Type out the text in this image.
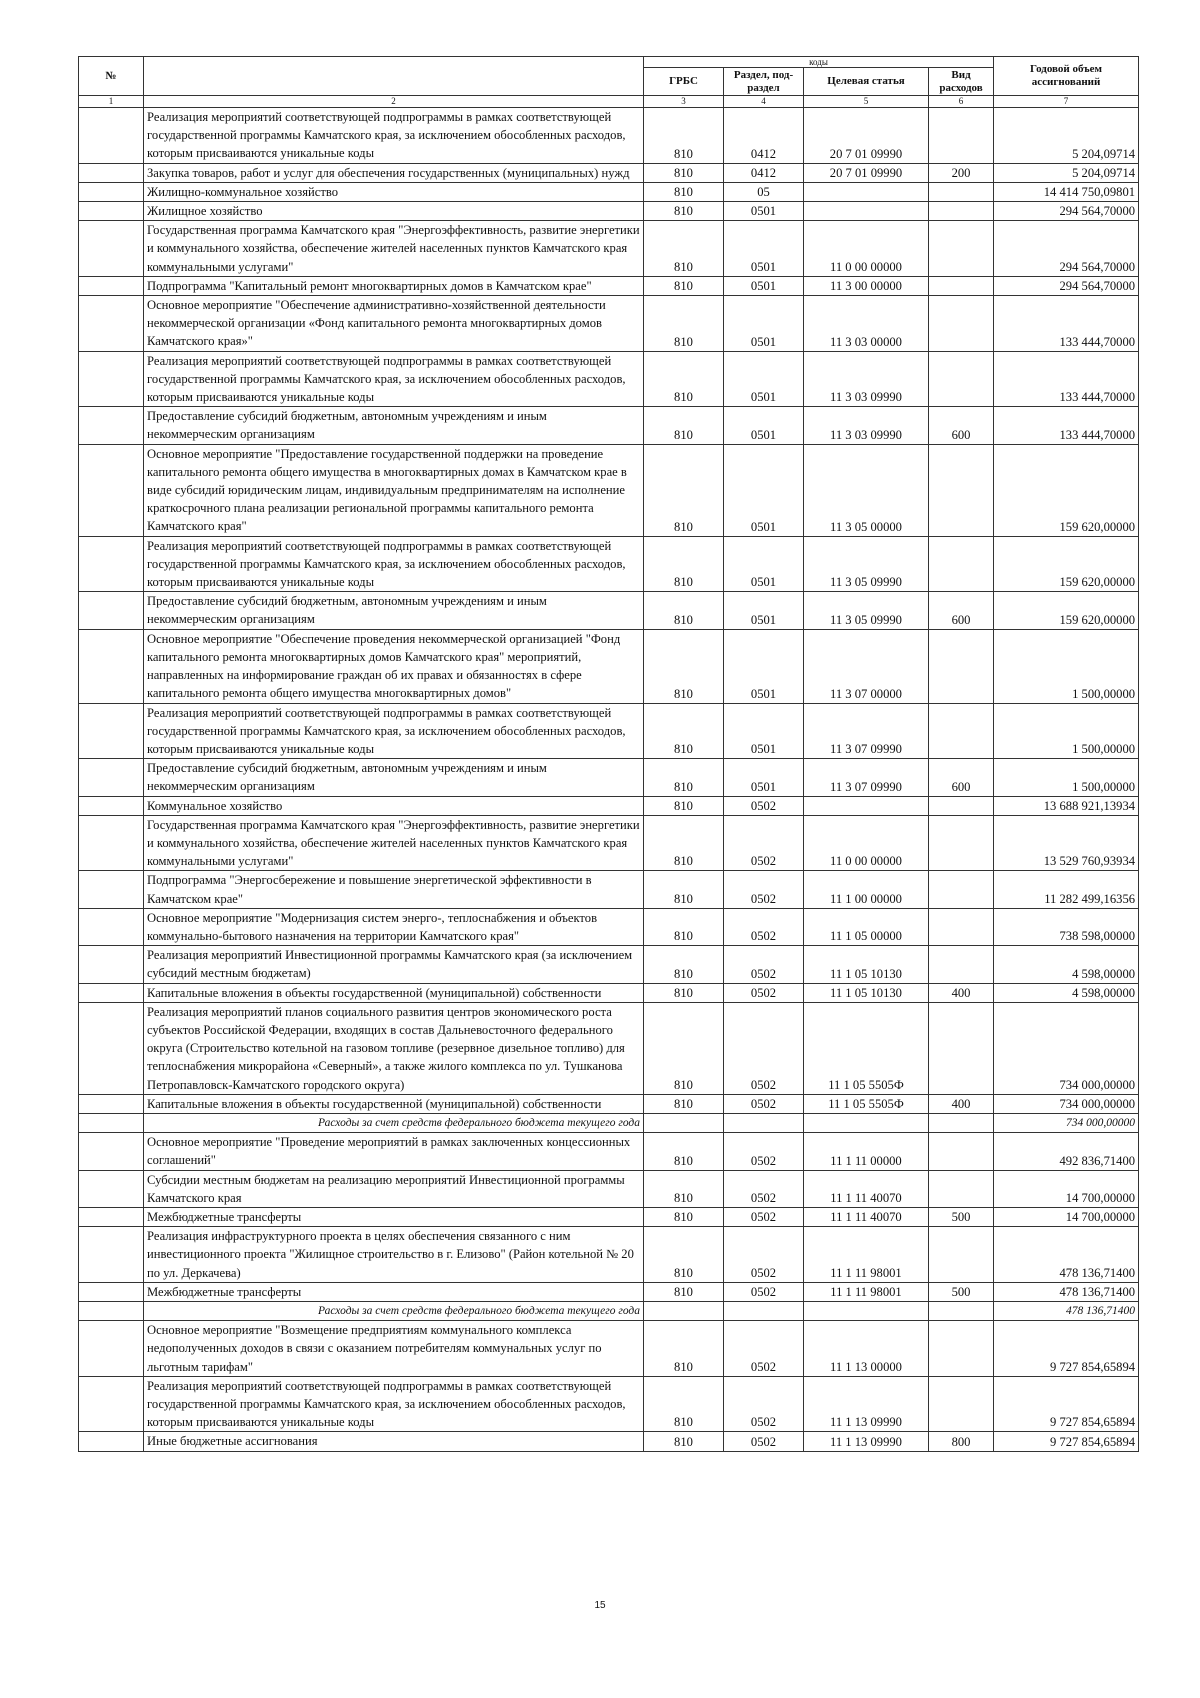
№		коды				Годовой объем ассигнований
		ГРБС	Раздел, под-раздел	Целевая статья	Вид расходов	
1	2	3	4	5	6	7
	Реализация мероприятий соответствующей подпрограммы в рамках соответствующей государственной программы Камчатского края, за исключением обособленных расходов, которым присваиваются уникальные коды	810	0412	20 7 01 09990		5 204,09714
	Закупка товаров, работ и услуг для обеспечения государственных (муниципальных) нужд	810	0412	20 7 01 09990	200	5 204,09714
	Жилищно-коммунальное хозяйство	810	05			14 414 750,09801
	Жилищное хозяйство	810	0501			294 564,70000
	Государственная программа Камчатского края "Энергоэффективность, развитие энергетики и коммунального хозяйства, обеспечение жителей населенных пунктов Камчатского края коммунальными услугами"	810	0501	11 0 00 00000		294 564,70000
	Подпрограмма "Капитальный ремонт многоквартирных домов в Камчатском крае"	810	0501	11 3 00 00000		294 564,70000
	Основное мероприятие "Обеспечение административно-хозяйственной деятельности некоммерческой организации «Фонд капитального ремонта многоквартирных домов Камчатского края»"	810	0501	11 3 03 00000		133 444,70000
	Реализация мероприятий соответствующей подпрограммы в рамках соответствующей государственной программы Камчатского края, за исключением обособленных расходов, которым присваиваются уникальные коды	810	0501	11 3 03 09990		133 444,70000
	Предоставление субсидий бюджетным, автономным учреждениям и иным некоммерческим организациям	810	0501	11 3 03 09990	600	133 444,70000
	Основное мероприятие "Предоставление государственной поддержки на проведение капитального ремонта общего имущества в многоквартирных домах в Камчатском крае в виде субсидий юридическим лицам, индивидуальным предпринимателям на исполнение краткосрочного плана реализации региональной программы капитального ремонта Камчатского края"	810	0501	11 3 05 00000		159 620,00000
	Реализация мероприятий соответствующей подпрограммы в рамках соответствующей государственной программы Камчатского края, за исключением обособленных расходов, которым присваиваются уникальные коды	810	0501	11 3 05 09990		159 620,00000
	Предоставление субсидий бюджетным, автономным учреждениям и иным некоммерческим организациям	810	0501	11 3 05 09990	600	159 620,00000
	Основное мероприятие "Обеспечение проведения некоммерческой организацией "Фонд капитального ремонта многоквартирных домов Камчатского края" мероприятий, направленных на информирование граждан об их правах и обязанностях в сфере капитального ремонта общего имущества многоквартирных домов"	810	0501	11 3 07 00000		1 500,00000
	Реализация мероприятий соответствующей подпрограммы в рамках соответствующей государственной программы Камчатского края, за исключением обособленных расходов, которым присваиваются уникальные коды	810	0501	11 3 07 09990		1 500,00000
	Предоставление субсидий бюджетным, автономным учреждениям и иным некоммерческим организациям	810	0501	11 3 07 09990	600	1 500,00000
	Коммунальное хозяйство	810	0502			13 688 921,13934
	Государственная программа Камчатского края "Энергоэффективность, развитие энергетики и коммунального хозяйства, обеспечение жителей населенных пунктов Камчатского края коммунальными услугами"	810	0502	11 0 00 00000		13 529 760,93934
	Подпрограмма "Энергосбережение и повышение энергетической эффективности в Камчатском крае"	810	0502	11 1 00 00000		11 282 499,16356
	Основное мероприятие "Модернизация систем энерго-, теплоснабжения и объектов коммунально-бытового назначения на территории Камчатского края"	810	0502	11 1 05 00000		738 598,00000
	Реализация мероприятий Инвестиционной программы Камчатского края (за исключением субсидий местным бюджетам)	810	0502	11 1 05 10130		4 598,00000
	Капитальные вложения в объекты государственной (муниципальной) собственности	810	0502	11 1 05 10130	400	4 598,00000
	Реализация мероприятий планов социального развития центров экономического роста субъектов Российской Федерации, входящих в состав Дальневосточного федерального округа (Строительство котельной на газовом топливе (резервное дизельное топливо) для теплоснабжения микрорайона «Северный», а также жилого комплекса по ул. Тушканова Петропавловск-Камчатского городского округа)	810	0502	11 1 05 5505Ф		734 000,00000
	Капитальные вложения в объекты государственной (муниципальной) собственности	810	0502	11 1 05 5505Ф	400	734 000,00000
	Расходы за счет средств федерального бюджета текущего года					734 000,00000
	Основное мероприятие "Проведение мероприятий в рамках заключенных концессионных соглашений"	810	0502	11 1 11 00000		492 836,71400
	Субсидии местным бюджетам на реализацию мероприятий Инвестиционной программы Камчатского края	810	0502	11 1 11 40070		14 700,00000
	Межбюджетные трансферты	810	0502	11 1 11 40070	500	14 700,00000
	Реализация инфраструктурного проекта в целях обеспечения связанного с ним инвестиционного проекта "Жилищное строительство в г. Елизово" (Район котельной № 20 по ул. Деркачева)	810	0502	11 1 11 98001		478 136,71400
	Межбюджетные трансферты	810	0502	11 1 11 98001	500	478 136,71400
	Расходы за счет средств федерального бюджета текущего года					478 136,71400
	Основное мероприятие "Возмещение предприятиям коммунального комплекса недополученных доходов в связи с оказанием потребителям коммунальных услуг по льготным тарифам"	810	0502	11 1 13 00000		9 727 854,65894
	Реализация мероприятий соответствующей подпрограммы в рамках соответствующей государственной программы Камчатского края, за исключением обособленных расходов, которым присваиваются уникальные коды	810	0502	11 1 13 09990		9 727 854,65894
	Иные бюджетные ассигнования	810	0502	11 1 13 09990	800	9 727 854,65894
15
